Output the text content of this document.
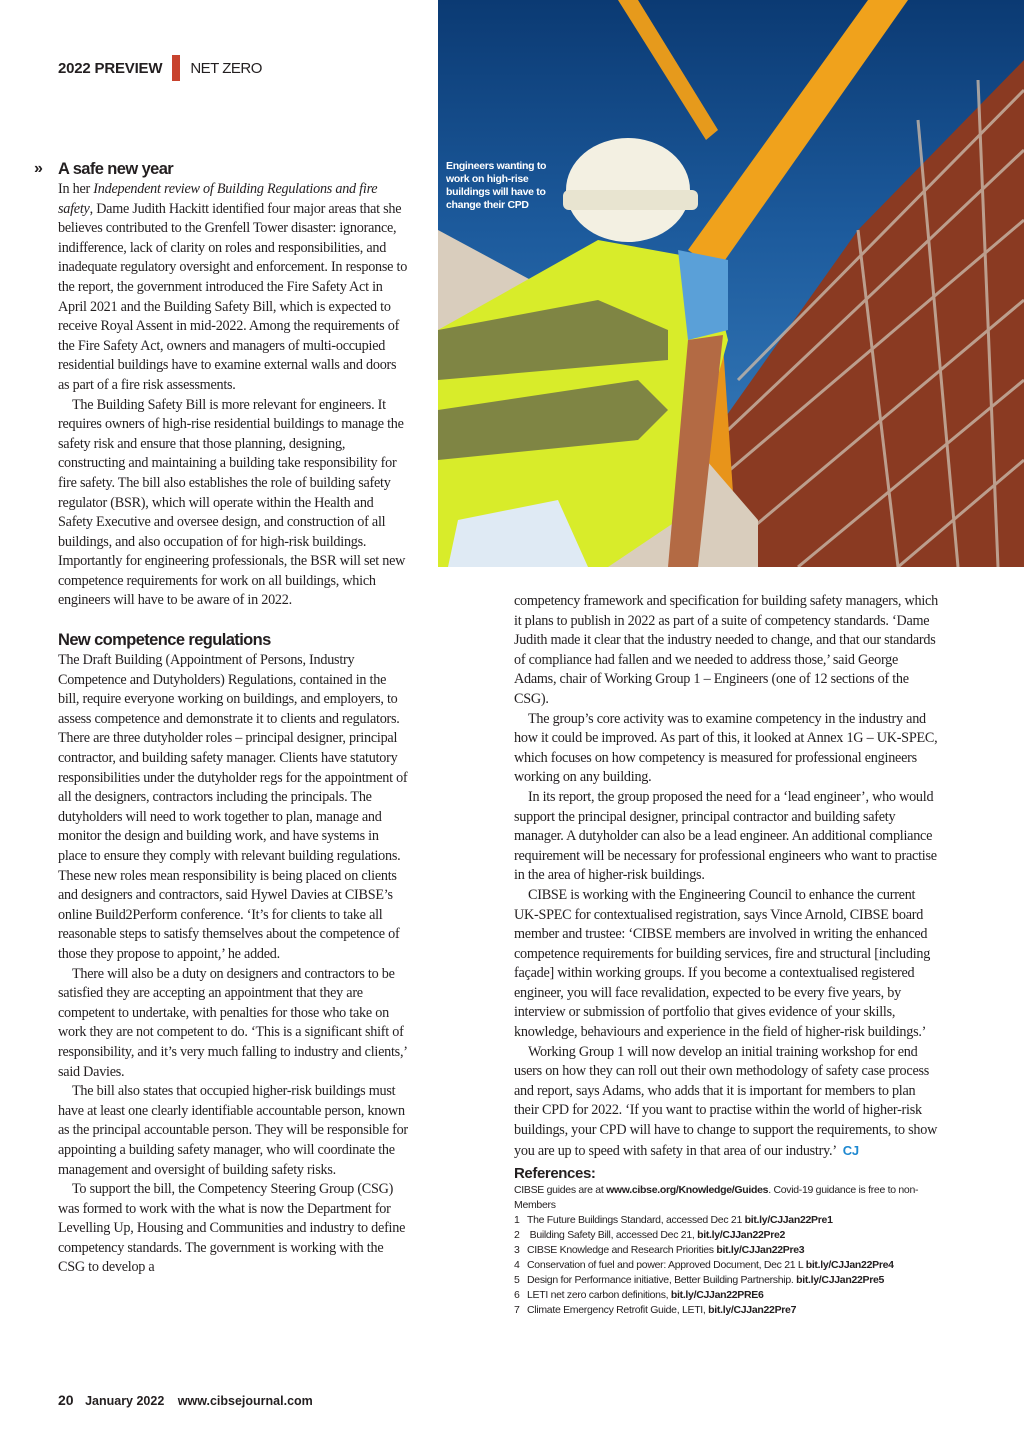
2022 PREVIEW NET ZERO
Engineers wanting to work on high-rise buildings will have to change their CPD
» A safe new year

In her Independent review of Building Regulations and fire safety, Dame Judith Hackitt identified four major areas that she believes contributed to the Grenfell Tower disaster: ignorance, indifference, lack of clarity on roles and responsibilities, and inadequate regulatory oversight and enforcement. In response to the report, the government introduced the Fire Safety Act in April 2021 and the Building Safety Bill, which is expected to receive Royal Assent in mid-2022. Among the requirements of the Fire Safety Act, owners and managers of multi-occupied residential buildings have to examine external walls and doors as part of a fire risk assessments.

The Building Safety Bill is more relevant for engineers. It requires owners of high-rise residential buildings to manage the safety risk and ensure that those planning, designing, constructing and maintaining a building take responsibility for fire safety. The bill also establishes the role of building safety regulator (BSR), which will operate within the Health and Safety Executive and oversee design, and construction of all buildings, and also occupation of for high-risk buildings. Importantly for engineering professionals, the BSR will set new competence requirements for work on all buildings, which engineers will have to be aware of in 2022.

New competence regulations

The Draft Building (Appointment of Persons, Industry Competence and Dutyholders) Regulations, contained in the bill, require everyone working on buildings, and employers, to assess competence and demonstrate it to clients and regulators. There are three dutyholder roles – principal designer, principal contractor, and building safety manager. Clients have statutory responsibilities under the dutyholder regs for the appointment of all the designers, contractors including the principals. The dutyholders will need to work together to plan, manage and monitor the design and building work, and have systems in place to ensure they comply with relevant building regulations. These new roles mean responsibility is being placed on clients and designers and contractors, said Hywel Davies at CIBSE’s online Build2Perform conference. ‘It’s for clients to take all reasonable steps to satisfy themselves about the competence of those they propose to appoint,’ he added.

There will also be a duty on designers and contractors to be satisfied they are accepting an appointment that they are competent to undertake, with penalties for those who take on work they are not competent to do. ‘This is a significant shift of responsibility, and it’s very much falling to industry and clients,’ said Davies.

The bill also states that occupied higher-risk buildings must have at least one clearly identifiable accountable person, known as the principal accountable person. They will be responsible for appointing a building safety manager, who will coordinate the management and oversight of building safety risks.

To support the bill, the Competency Steering Group (CSG) was formed to work with the what is now the Department for Levelling Up, Housing and Communities and industry to define competency standards. The government is working with the CSG to develop a

competency framework and specification for building safety managers, which it plans to publish in 2022 as part of a suite of competency standards. ‘Dame Judith made it clear that the industry needed to change, and that our standards of compliance had fallen and we needed to address those,’ said George Adams, chair of Working Group 1 – Engineers (one of 12 sections of the CSG).

The group’s core activity was to examine competency in the industry and how it could be improved. As part of this, it looked at Annex 1G – UK-SPEC, which focuses on how competency is measured for professional engineers working on any building.

In its report, the group proposed the need for a ‘lead engineer’, who would support the principal designer, principal contractor and building safety manager. A dutyholder can also be a lead engineer. An additional compliance requirement will be necessary for professional engineers who want to practise in the area of higher-risk buildings.

CIBSE is working with the Engineering Council to enhance the current UK-SPEC for contextualised registration, says Vince Arnold, CIBSE board member and trustee: ‘CIBSE members are involved in writing the enhanced competence requirements for building services, fire and structural [including façade] within working groups. If you become a contextualised registered engineer, you will face revalidation, expected to be every five years, by interview or submission of portfolio that gives evidence of your skills, knowledge, behaviours and experience in the field of higher-risk buildings.’

Working Group 1 will now develop an initial training workshop for end users on how they can roll out their own methodology of safety case process and report, says Adams, who adds that it is important for members to plan their CPD for 2022. ‘If you want to practise within the world of higher-risk buildings, your CPD will have to change to support the requirements, to show you are up to speed with safety in that area of our industry.’ CJ

References:
CIBSE guides are at www.cibse.org/Knowledge/Guides. Covid-19 guidance is free to non-Members
1 The Future Buildings Standard, accessed Dec 21 bit.ly/CJJan22Pre1
2 Building Safety Bill, accessed Dec 21, bit.ly/CJJan22Pre2
3 CIBSE Knowledge and Research Priorities bit.ly/CJJan22Pre3
4 Conservation of fuel and power: Approved Document, Dec 21 L bit.ly/CJJan22Pre4
5 Design for Performance initiative, Better Building Partnership. bit.ly/CJJan22Pre5
6 LETI net zero carbon definitions, bit.ly/CJJan22PRE6
7 Climate Emergency Retrofit Guide, LETI, bit.ly/CJJan22Pre7
20 January 2022 www.cibsejournal.com
